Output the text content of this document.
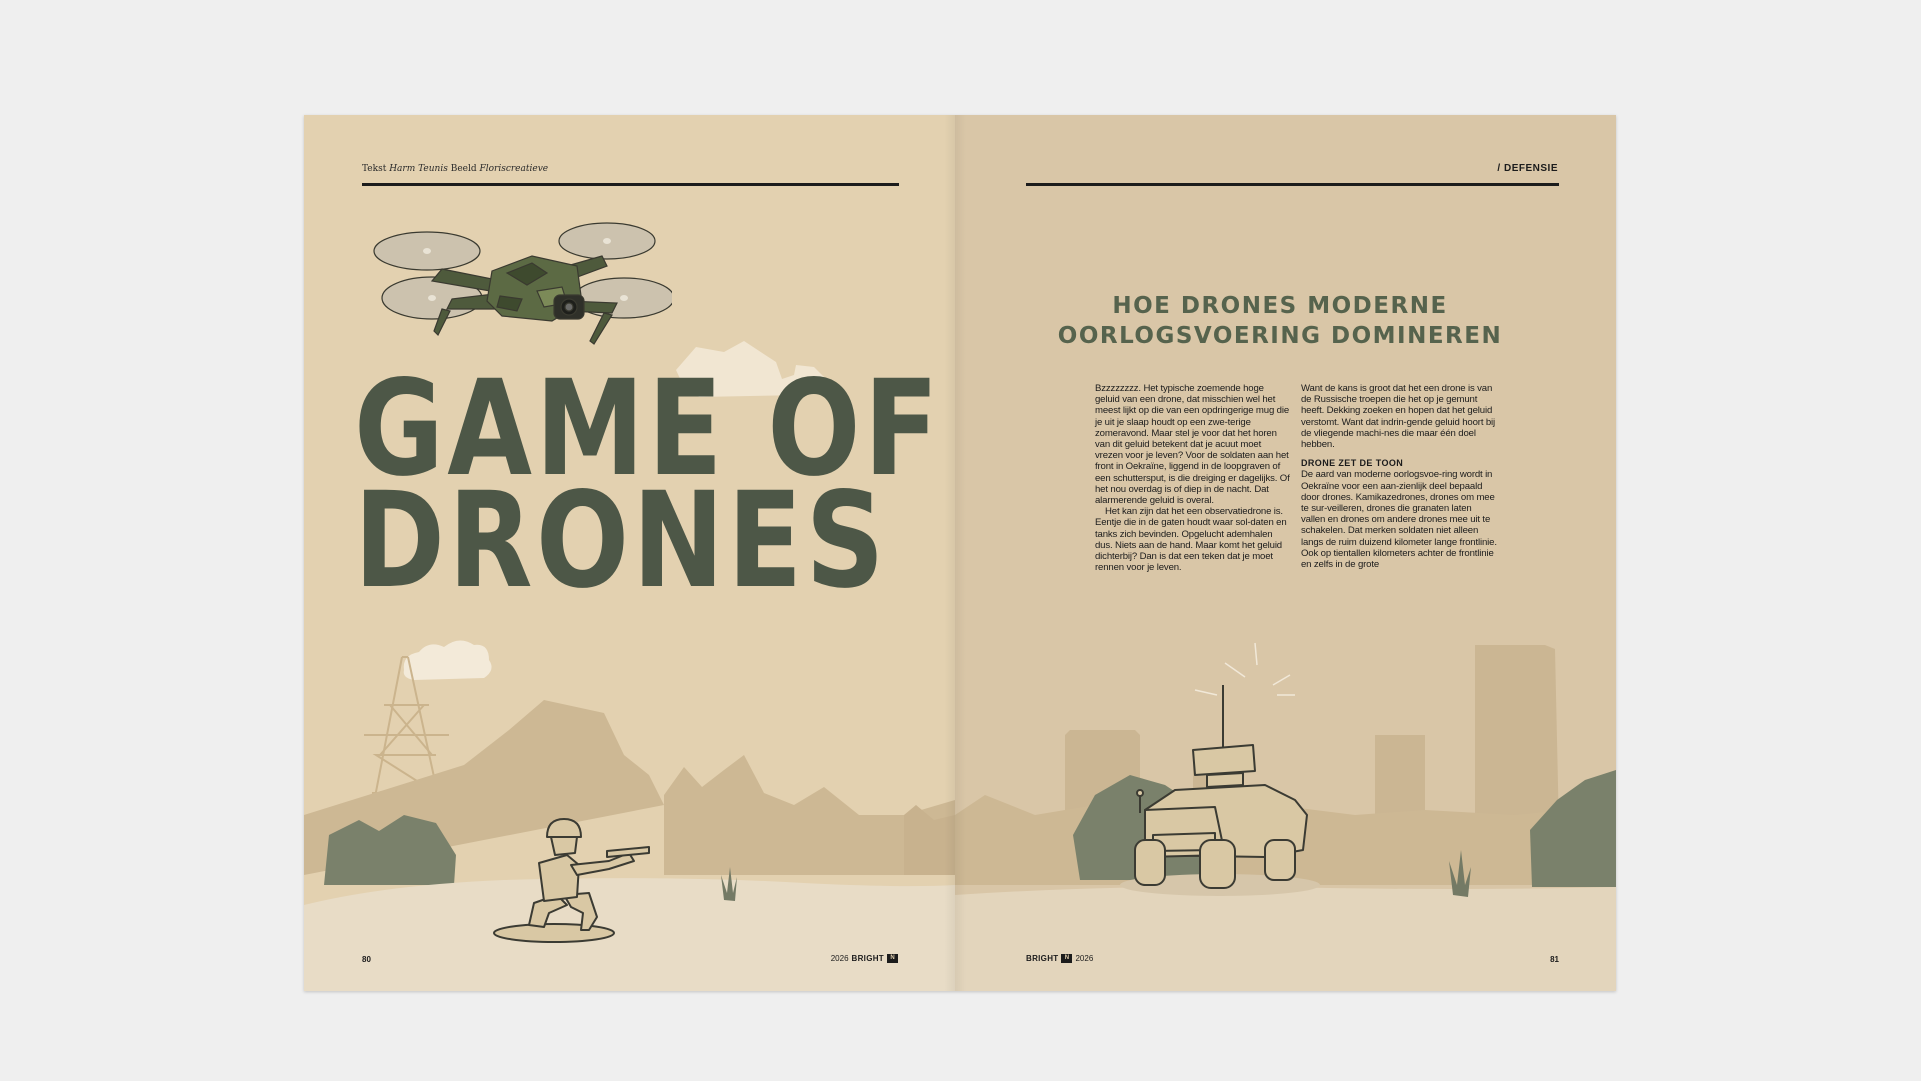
Tekst Harm Teunis Beeld Floriscreatieve
GAME OF
DRONES
80	2026 BRIGHT	N
/ DEFENSIE
HOE DRONES MODERNE
OORLOGSVOERING DOMINEREN

Bzzzzzzzz. Het typische zoemende hoge geluid van een drone, dat misschien wel het meest lijkt op die van een opdringerige mug die je uit je slaap houdt op een zwe-terige zomeravond. Maar stel je voor dat het horen van dit geluid betekent dat je acuut moet vrezen voor je leven? Voor de soldaten aan het front in Oekraïne, liggend in de loopgraven of een schuttersput, is die dreiging er dagelijks. Of het nou overdag is of diep in de nacht. Dat alarmerende geluid is overal.

Het kan zijn dat het een observatiedrone is. Eentje die in de gaten houdt waar sol-daten en tanks zich bevinden. Opgelucht ademhalen dus. Niets aan de hand. Maar komt het geluid dichterbij? Dan is dat een teken dat je moet rennen voor je leven.

Want de kans is groot dat het een drone is van de Russische troepen die het op je gemunt heeft. Dekking zoeken en hopen dat het geluid verstomt. Want dat indrin-gende geluid hoort bij de vliegende machi-nes die maar één doel hebben.

DRONE ZET DE TOON

De aard van moderne oorlogsvoe-ring wordt in Oekraïne voor een aan-zienlijk deel bepaald door drones. Kamikazedrones, drones om mee te sur-veilleren, drones die granaten laten vallen en drones om andere drones mee uit te schakelen. Dat merken soldaten niet alleen langs de ruim duizend kilometer lange frontlinie. Ook op tientallen kilometers achter de frontlinie en zelfs in de grote

BRIGHT	N 2026	81
